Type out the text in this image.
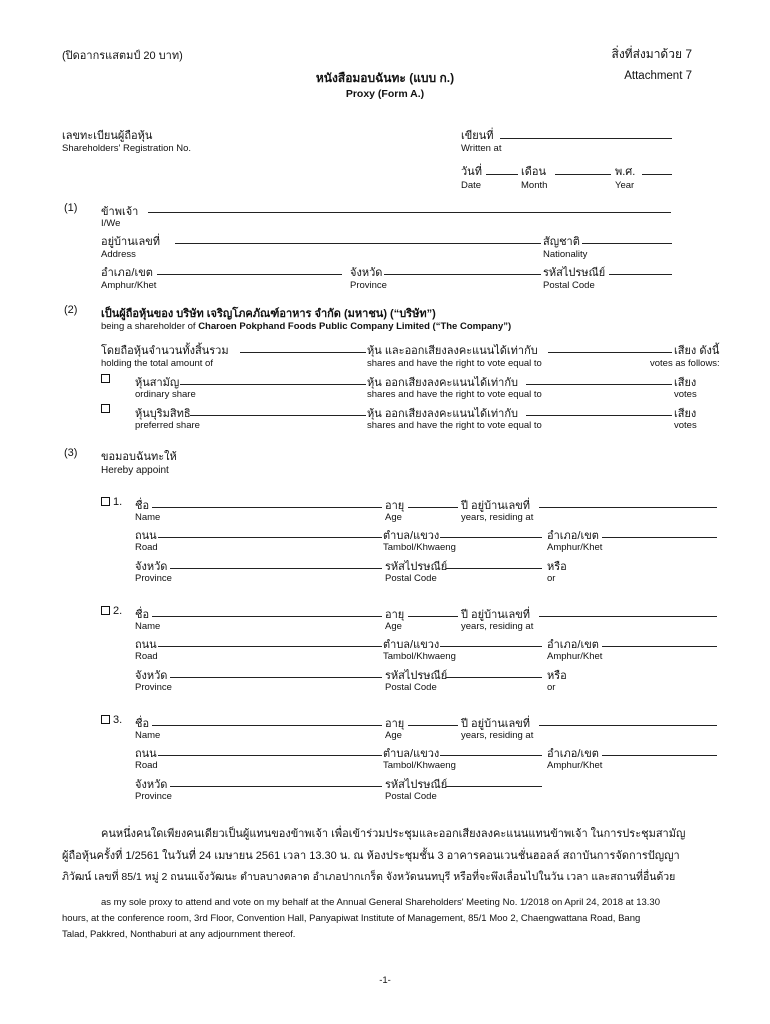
(ปิดอากรแสตมป์ 20 บาท)	สิ่งที่ส่งมาด้วย 7
Attachment 7
หนังสือมอบฉันทะ (แบบ ก.)
Proxy (Form A.)
เลขทะเบียนผู้ถือหุ้น
Shareholders' Registration No.
เขียนที่
Written at
วันที่	เดือน	พ.ศ.
Date	Month	Year
(1) ข้าพเจ้า
I/We
อยู่บ้านเลขที่	สัญชาติ
Address	Nationality
อำเภอ/เขต	จังหวัด	รหัสไปรษณีย์
Amphur/Khet	Province	Postal Code
(2) เป็นผู้ถือหุ้นของ บริษัท เจริญโภคภัณฑ์อาหาร จำกัด (มหาชน) (“บริษัท”)
being a shareholder of Charoen Pokphand Foods Public Company Limited (“The Company”)
โดยถือหุ้นจำนวนทั้งสิ้นรวม	หุ้น และออกเสียงลงคะแนนได้เท่ากับ	เสียง ดังนี้
holding the total amount of	shares and have the right to vote equal to	votes as follows:
หุ้นสามัญ	หุ้น ออกเสียงลงคะแนนได้เท่ากับ	เสียง
ordinary share	shares and have the right to vote equal to	votes
หุ้นบุริมสิทธิ	หุ้น ออกเสียงลงคะแนนได้เท่ากับ	เสียง
preferred share	shares and have the right to vote equal to	votes
(3) ขอมอบฉันทะให้
Hereby appoint
1. ชื่อ	อายุ	ปี อยู่บ้านเลขที่
Name	Age	years, residing at
ถนน	ตำบล/แขวง	อำเภอ/เขต
Road	Tambol/Khwaeng	Amphur/Khet
จังหวัด	รหัสไปรษณีย์
Province	Postal Code
หรือ
or
2. ชื่อ	อายุ	ปี อยู่บ้านเลขที่
Name	Age	years, residing at
ถนน	ตำบล/แขวง	อำเภอ/เขต
Road	Tambol/Khwaeng	Amphur/Khet
จังหวัด	รหัสไปรษณีย์
Province	Postal Code
หรือ
or
3. ชื่อ	อายุ	ปี อยู่บ้านเลขที่
Name	Age	years, residing at
ถนน	ตำบล/แขวง	อำเภอ/เขต
Road	Tambol/Khwaeng	Amphur/Khet
จังหวัด	รหัสไปรษณีย์
Province	Postal Code
คนหนึ่งคนใดเพียงคนเดียวเป็นผู้แทนของข้าพเจ้า เพื่อเข้าร่วมประชุมและออกเสียงลงคะแนนแทนข้าพเจ้า ในการประชุมสามัญ
ผู้ถือหุ้นครั้งที่ 1/2561 ในวันที่ 24 เมษายน 2561 เวลา 13.30 น. ณ ห้องประชุมชั้น 3 อาคารคอนเวนชั่นฮอลล์ สถาบันการจัดการปัญญา
ภิวัฒน์ เลขที่ 85/1 หมู่ 2 ถนนแจ้งวัฒนะ ตำบลบางตลาด อำเภอปากเกร็ด จังหวัดนนทบุรี หรือที่จะพึงเลื่อนไปในวัน เวลา และสถานที่อื่นด้วย
as my sole proxy to attend and vote on my behalf at the Annual General Shareholders' Meeting No. 1/2018 on April 24, 2018 at 13.30
hours, at the conference room, 3rd Floor, Convention Hall, Panyapiwat Institute of Management, 85/1 Moo 2, Chaengwattana Road, Bang
Talad, Pakkred, Nonthaburi at any adjournment thereof.
-1-
